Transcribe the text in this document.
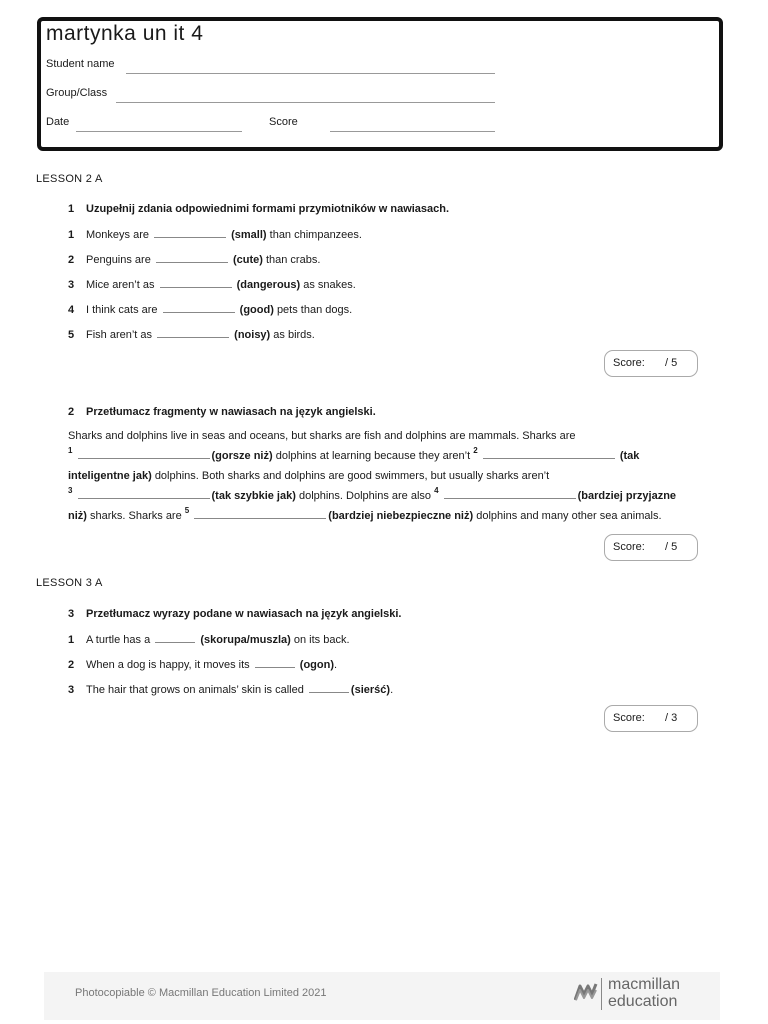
martynka un it 4
Student name
Group/Class
Date	Score
LESSON 2 A
1 Uzupełnij zdania odpowiednimi formami przymiotników w nawiasach.
1 Monkeys are	(small) than chimpanzees.
2 Penguins are	(cute) than crabs.
3 Mice aren’t as	(dangerous) as snakes.
4 I think cats are	(good) pets than dogs.
5 Fish aren’t as	(noisy) as birds.
Score: / 5
2 Przetłumacz fragmenty w nawiasach na język angielski.
Sharks and dolphins live in seas and oceans, but sharks are fish and dolphins are mammals. Sharks are
$^1$	(gorsze niż) dolphins at learning because they aren’t $^2$	(tak
inteligentne jak) dolphins. Both sharks and dolphins are good swimmers, but usually sharks aren’t
$^3$	(tak szybkie jak) dolphins. Dolphins are also $^4$	(bardziej przyjazne
niż) sharks. Sharks are $^5$	(bardziej niebezpieczne niż) dolphins and many other sea animals.
Score: / 5
LESSON 3 A
3 Przetłumacz wyrazy podane w nawiasach na język angielski.
1 A turtle has a	(skorupa/muszla) on its back.
2 When a dog is happy, it moves its	(ogon).
3 The hair that grows on animals’ skin is called	(sierść).
Score: / 3
Photocopiable © Macmillan Education Limited 2021	macmillan
education
